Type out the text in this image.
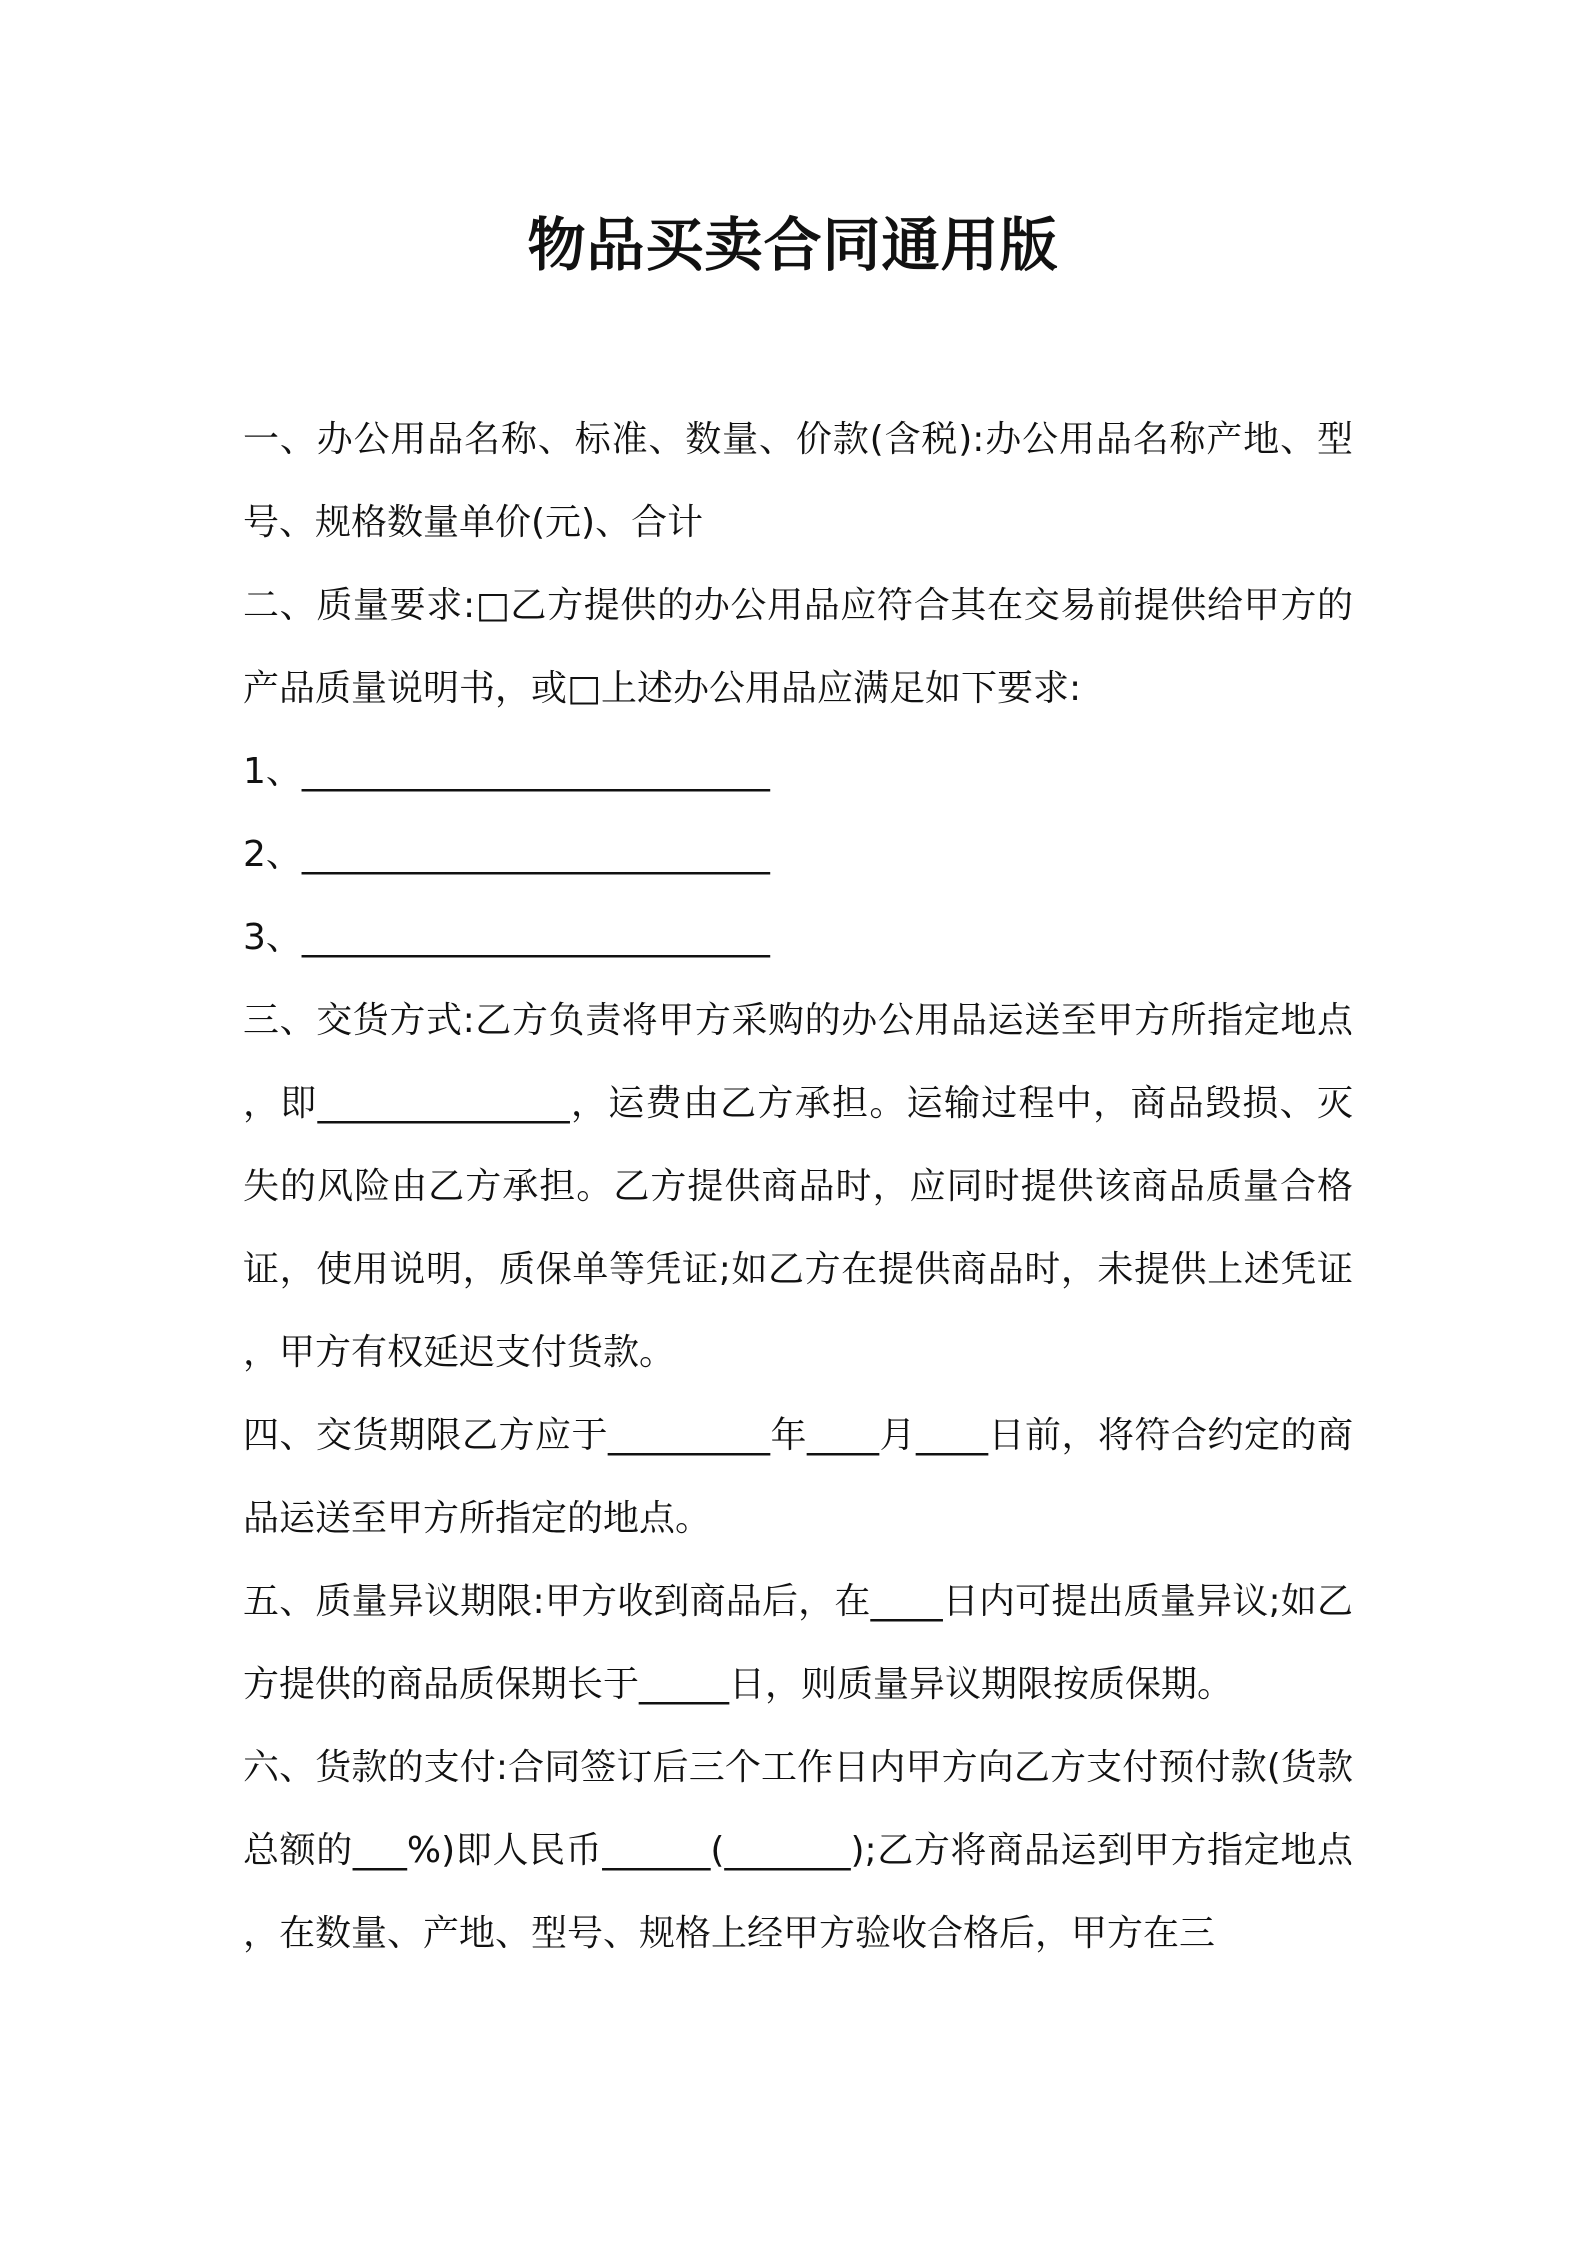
物品买卖合同通用版

一、办公用品名称、标准、数量、价款(含税):办公用品名称产地、型号、规格数量单价(元)、合计

二、质量要求:□乙方提供的办公用品应符合其在交易前提供给甲方的产品质量说明书，或□上述办公用品应满足如下要求:

1、__________________________

2、__________________________

3、__________________________

三、交货方式:乙方负责将甲方采购的办公用品运送至甲方所指定地点，即______________，运费由乙方承担。运输过程中，商品毁损、灭失的风险由乙方承担。乙方提供商品时，应同时提供该商品质量合格证，使用说明，质保单等凭证;如乙方在提供商品时，未提供上述凭证，甲方有权延迟支付货款。

四、交货期限乙方应于_________年____月____日前，将符合约定的商品运送至甲方所指定的地点。

五、质量异议期限:甲方收到商品后，在____日内可提出质量异议;如乙方提供的商品质保期长于_____日，则质量异议期限按质保期。

六、货款的支付:合同签订后三个工作日内甲方向乙方支付预付款(货款总额的___%)即人民币______(_______);乙方将商品运到甲方指定地点，在数量、产地、型号、规格上经甲方验收合格后，甲方在三
